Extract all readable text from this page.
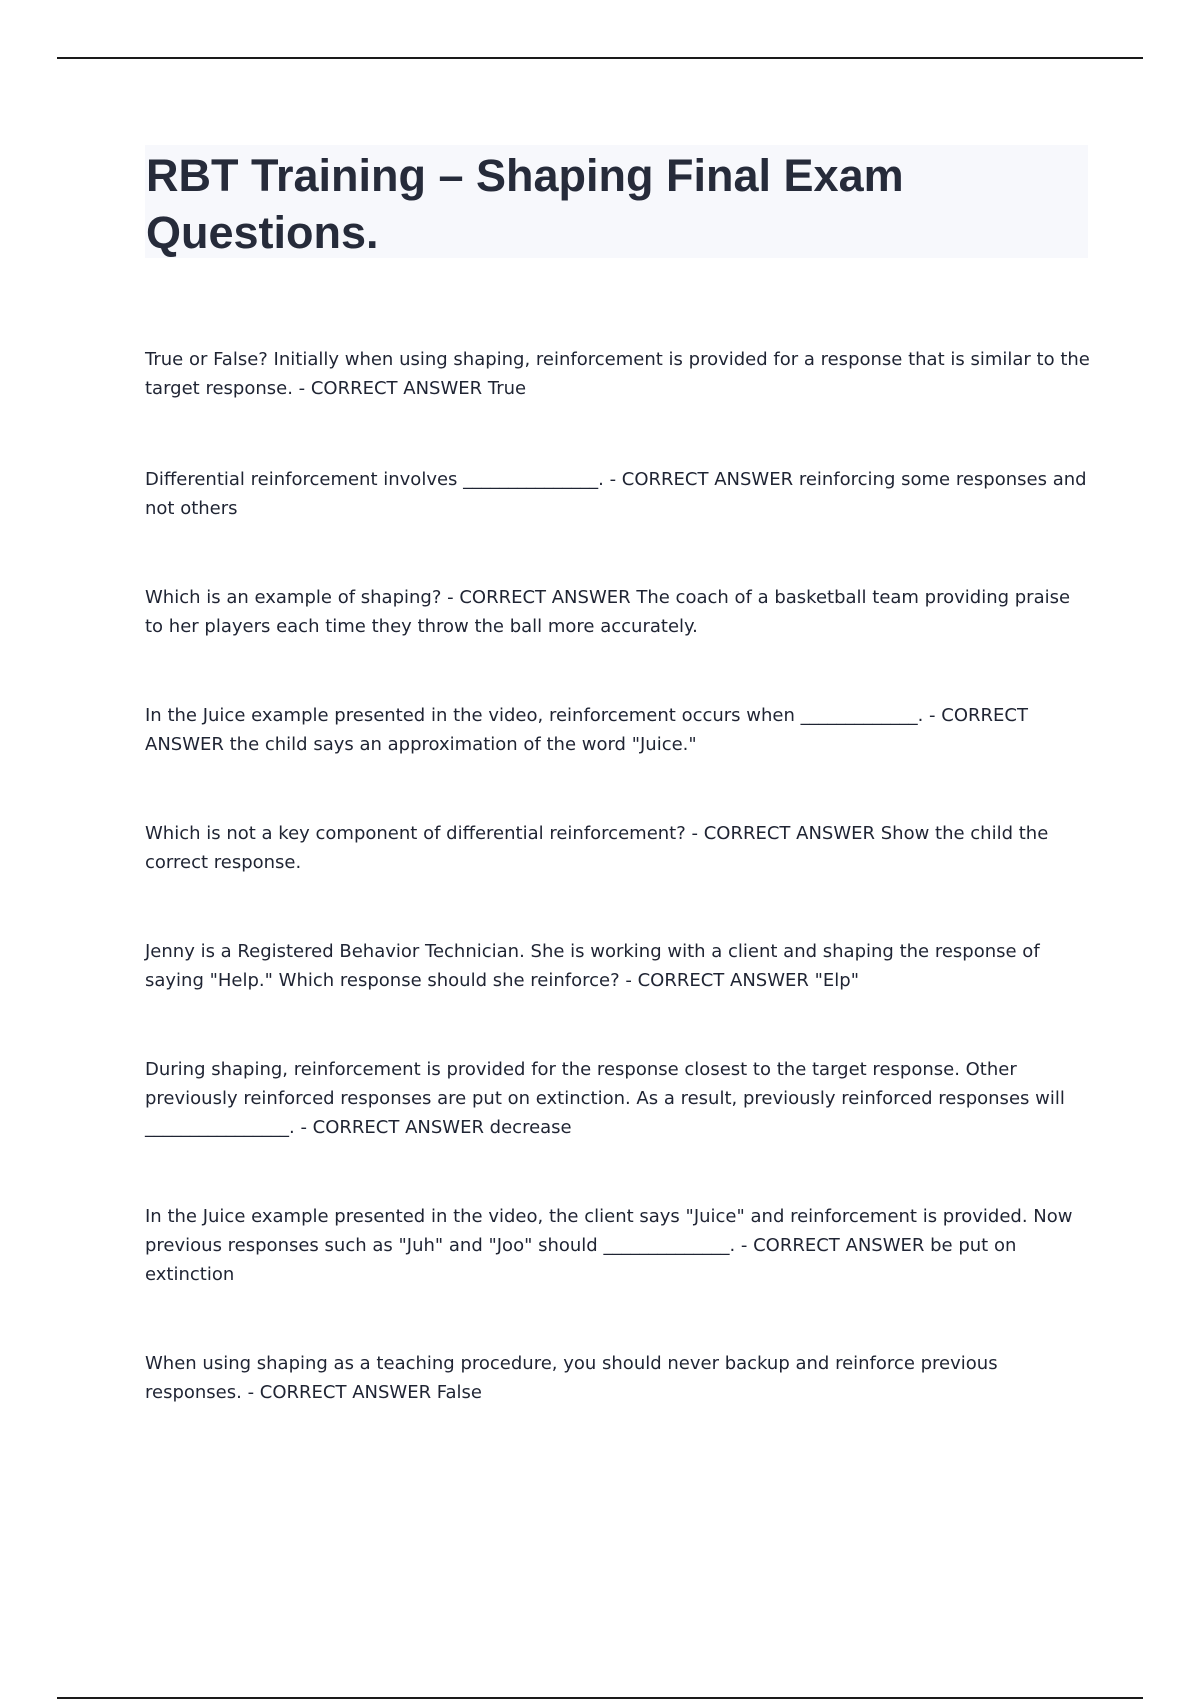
RBT Training – Shaping Final Exam Questions.
True or False? Initially when using shaping, reinforcement is provided for a response that is similar to the target response. - CORRECT ANSWER True
Differential reinforcement involves _______________. - CORRECT ANSWER reinforcing some responses and not others
Which is an example of shaping? - CORRECT ANSWER The coach of a basketball team providing praise to her players each time they throw the ball more accurately.
In the Juice example presented in the video, reinforcement occurs when _____________. - CORRECT ANSWER the child says an approximation of the word "Juice."
Which is not a key component of differential reinforcement? - CORRECT ANSWER Show the child the correct response.
Jenny is a Registered Behavior Technician. She is working with a client and shaping the response of saying "Help." Which response should she reinforce? - CORRECT ANSWER "Elp"
During shaping, reinforcement is provided for the response closest to the target response. Other previously reinforced responses are put on extinction. As a result, previously reinforced responses will ________________. - CORRECT ANSWER decrease
In the Juice example presented in the video, the client says "Juice" and reinforcement is provided. Now previous responses such as "Juh" and "Joo" should ______________. - CORRECT ANSWER be put on extinction
When using shaping as a teaching procedure, you should never backup and reinforce previous responses. - CORRECT ANSWER False
